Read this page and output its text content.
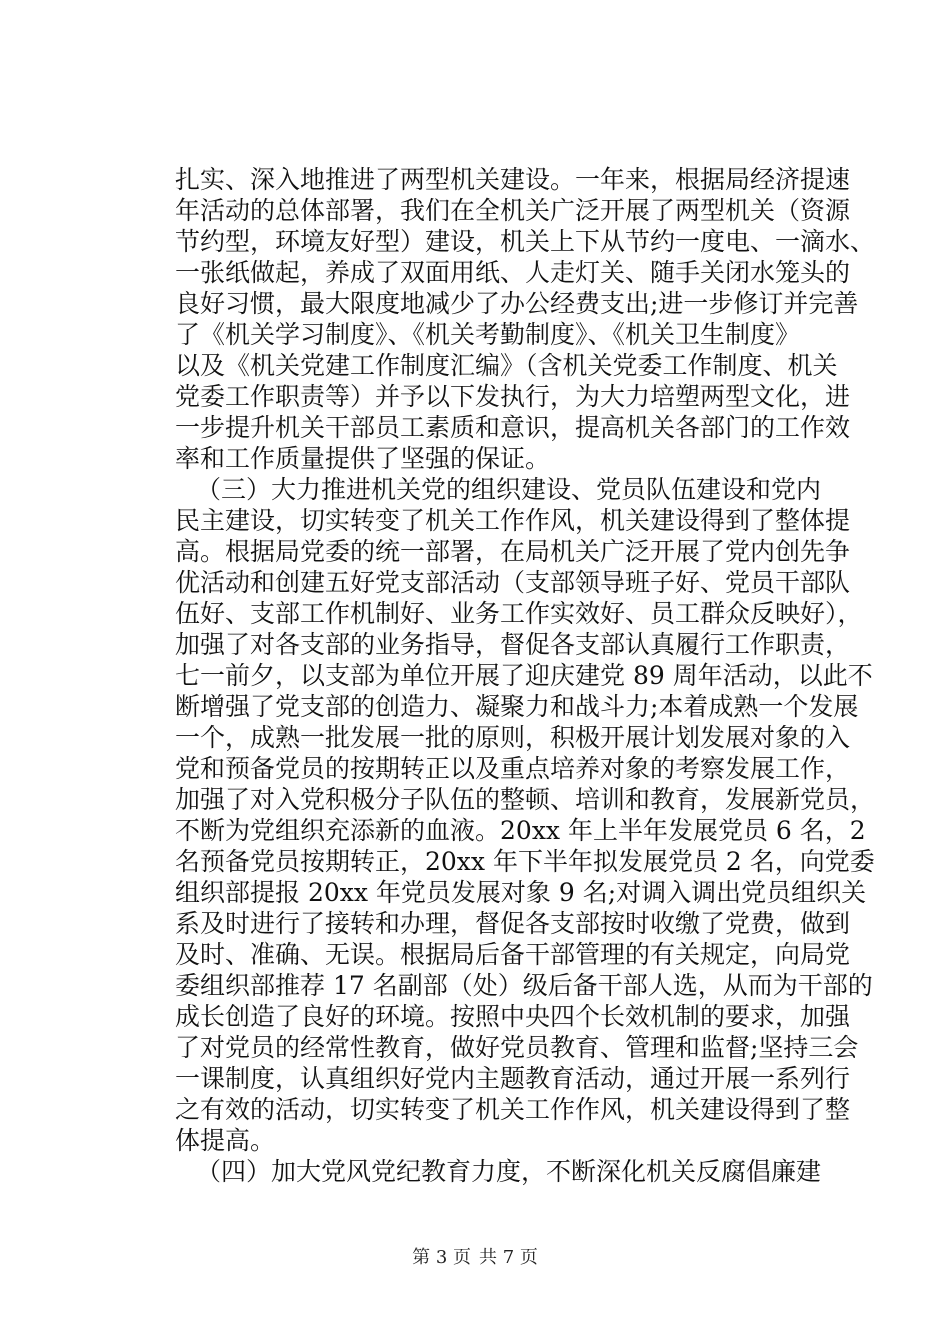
扎实、深入地推进了两型机关建设。一年来，根据局经济提速
年活动的总体部署，我们在全机关广泛开展了两型机关（资源
节约型，环境友好型）建设，机关上下从节约一度电、一滴水、
一张纸做起，养成了双面用纸、人走灯关、随手关闭水笼头的
良好习惯，最大限度地减少了办公经费支出;进一步修订并完善
了《机关学习制度》、《机关考勤制度》、《机关卫生制度》
以及《机关党建工作制度汇编》（含机关党委工作制度、机关
党委工作职责等）并予以下发执行，为大力培塑两型文化，进
一步提升机关干部员工素质和意识，提高机关各部门的工作效
率和工作质量提供了坚强的保证。
（三）大力推进机关党的组织建设、党员队伍建设和党内
民主建设，切实转变了机关工作作风，机关建设得到了整体提
高。根据局党委的统一部署，在局机关广泛开展了党内创先争
优活动和创建五好党支部活动（支部领导班子好、党员干部队
伍好、支部工作机制好、业务工作实效好、员工群众反映好），
加强了对各支部的业务指导，督促各支部认真履行工作职责，
七一前夕，以支部为单位开展了迎庆建党 89 周年活动，以此不
断增强了党支部的创造力、凝聚力和战斗力;本着成熟一个发展
一个，成熟一批发展一批的原则，积极开展计划发展对象的入
党和预备党员的按期转正以及重点培养对象的考察发展工作，
加强了对入党积极分子队伍的整顿、培训和教育，发展新党员，
不断为党组织充添新的血液。20xx 年上半年发展党员 6 名，2
名预备党员按期转正，20xx 年下半年拟发展党员 2 名，向党委
组织部提报 20xx 年党员发展对象 9 名;对调入调出党员组织关
系及时进行了接转和办理，督促各支部按时收缴了党费，做到
及时、准确、无误。根据局后备干部管理的有关规定，向局党
委组织部推荐 17 名副部（处）级后备干部人选，从而为干部的
成长创造了良好的环境。按照中央四个长效机制的要求，加强
了对党员的经常性教育，做好党员教育、管理和监督;坚持三会
一课制度，认真组织好党内主题教育活动，通过开展一系列行
之有效的活动，切实转变了机关工作作风，机关建设得到了整
体提高。
（四）加大党风党纪教育力度，不断深化机关反腐倡廉建
第 3 页 共 7 页
